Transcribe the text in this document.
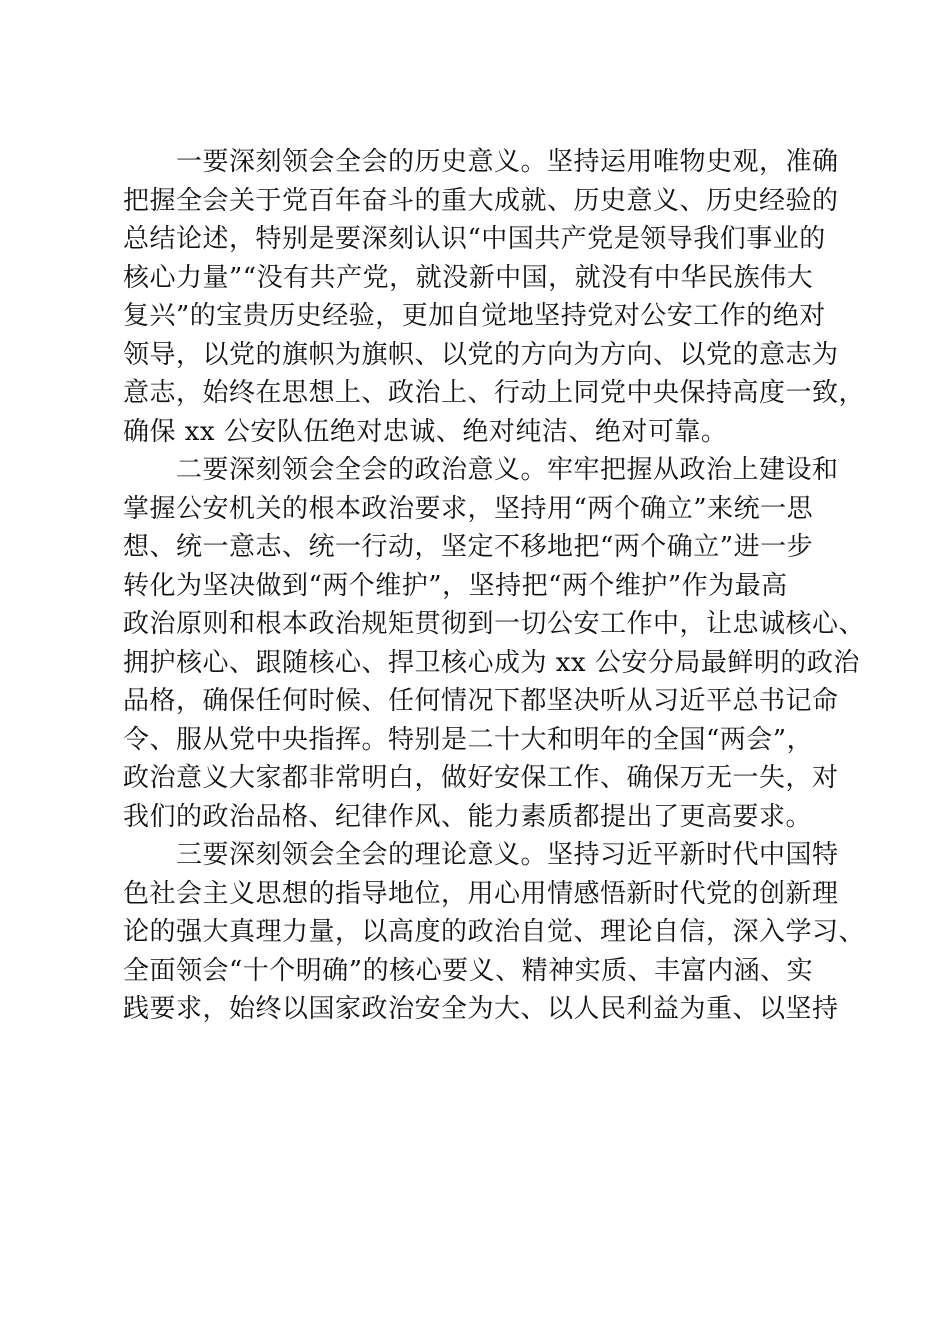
一要深刻领会全会的历史意义。坚持运用唯物史观，准确
把握全会关于党百年奋斗的重大成就、历史意义、历史经验的
总结论述，特别是要深刻认识“中国共产党是领导我们事业的
核心力量”“没有共产党，就没新中国，就没有中华民族伟大
复兴”的宝贵历史经验，更加自觉地坚持党对公安工作的绝对
领导，以党的旗帜为旗帜、以党的方向为方向、以党的意志为
意志，始终在思想上、政治上、行动上同党中央保持高度一致，
确保 xx 公安队伍绝对忠诚、绝对纯洁、绝对可靠。
二要深刻领会全会的政治意义。牢牢把握从政治上建设和
掌握公安机关的根本政治要求，坚持用“两个确立”来统一思
想、统一意志、统一行动，坚定不移地把“两个确立”进一步
转化为坚决做到“两个维护”，坚持把“两个维护”作为最高
政治原则和根本政治规矩贯彻到一切公安工作中，让忠诚核心、
拥护核心、跟随核心、捍卫核心成为 xx 公安分局最鲜明的政治
品格，确保任何时候、任何情况下都坚决听从习近平总书记命
令、服从党中央指挥。特别是二十大和明年的全国“两会”，
政治意义大家都非常明白，做好安保工作、确保万无一失，对
我们的政治品格、纪律作风、能力素质都提出了更高要求。
三要深刻领会全会的理论意义。坚持习近平新时代中国特
色社会主义思想的指导地位，用心用情感悟新时代党的创新理
论的强大真理力量，以高度的政治自觉、理论自信，深入学习、
全面领会“十个明确”的核心要义、精神实质、丰富内涵、实
践要求，始终以国家政治安全为大、以人民利益为重、以坚持
